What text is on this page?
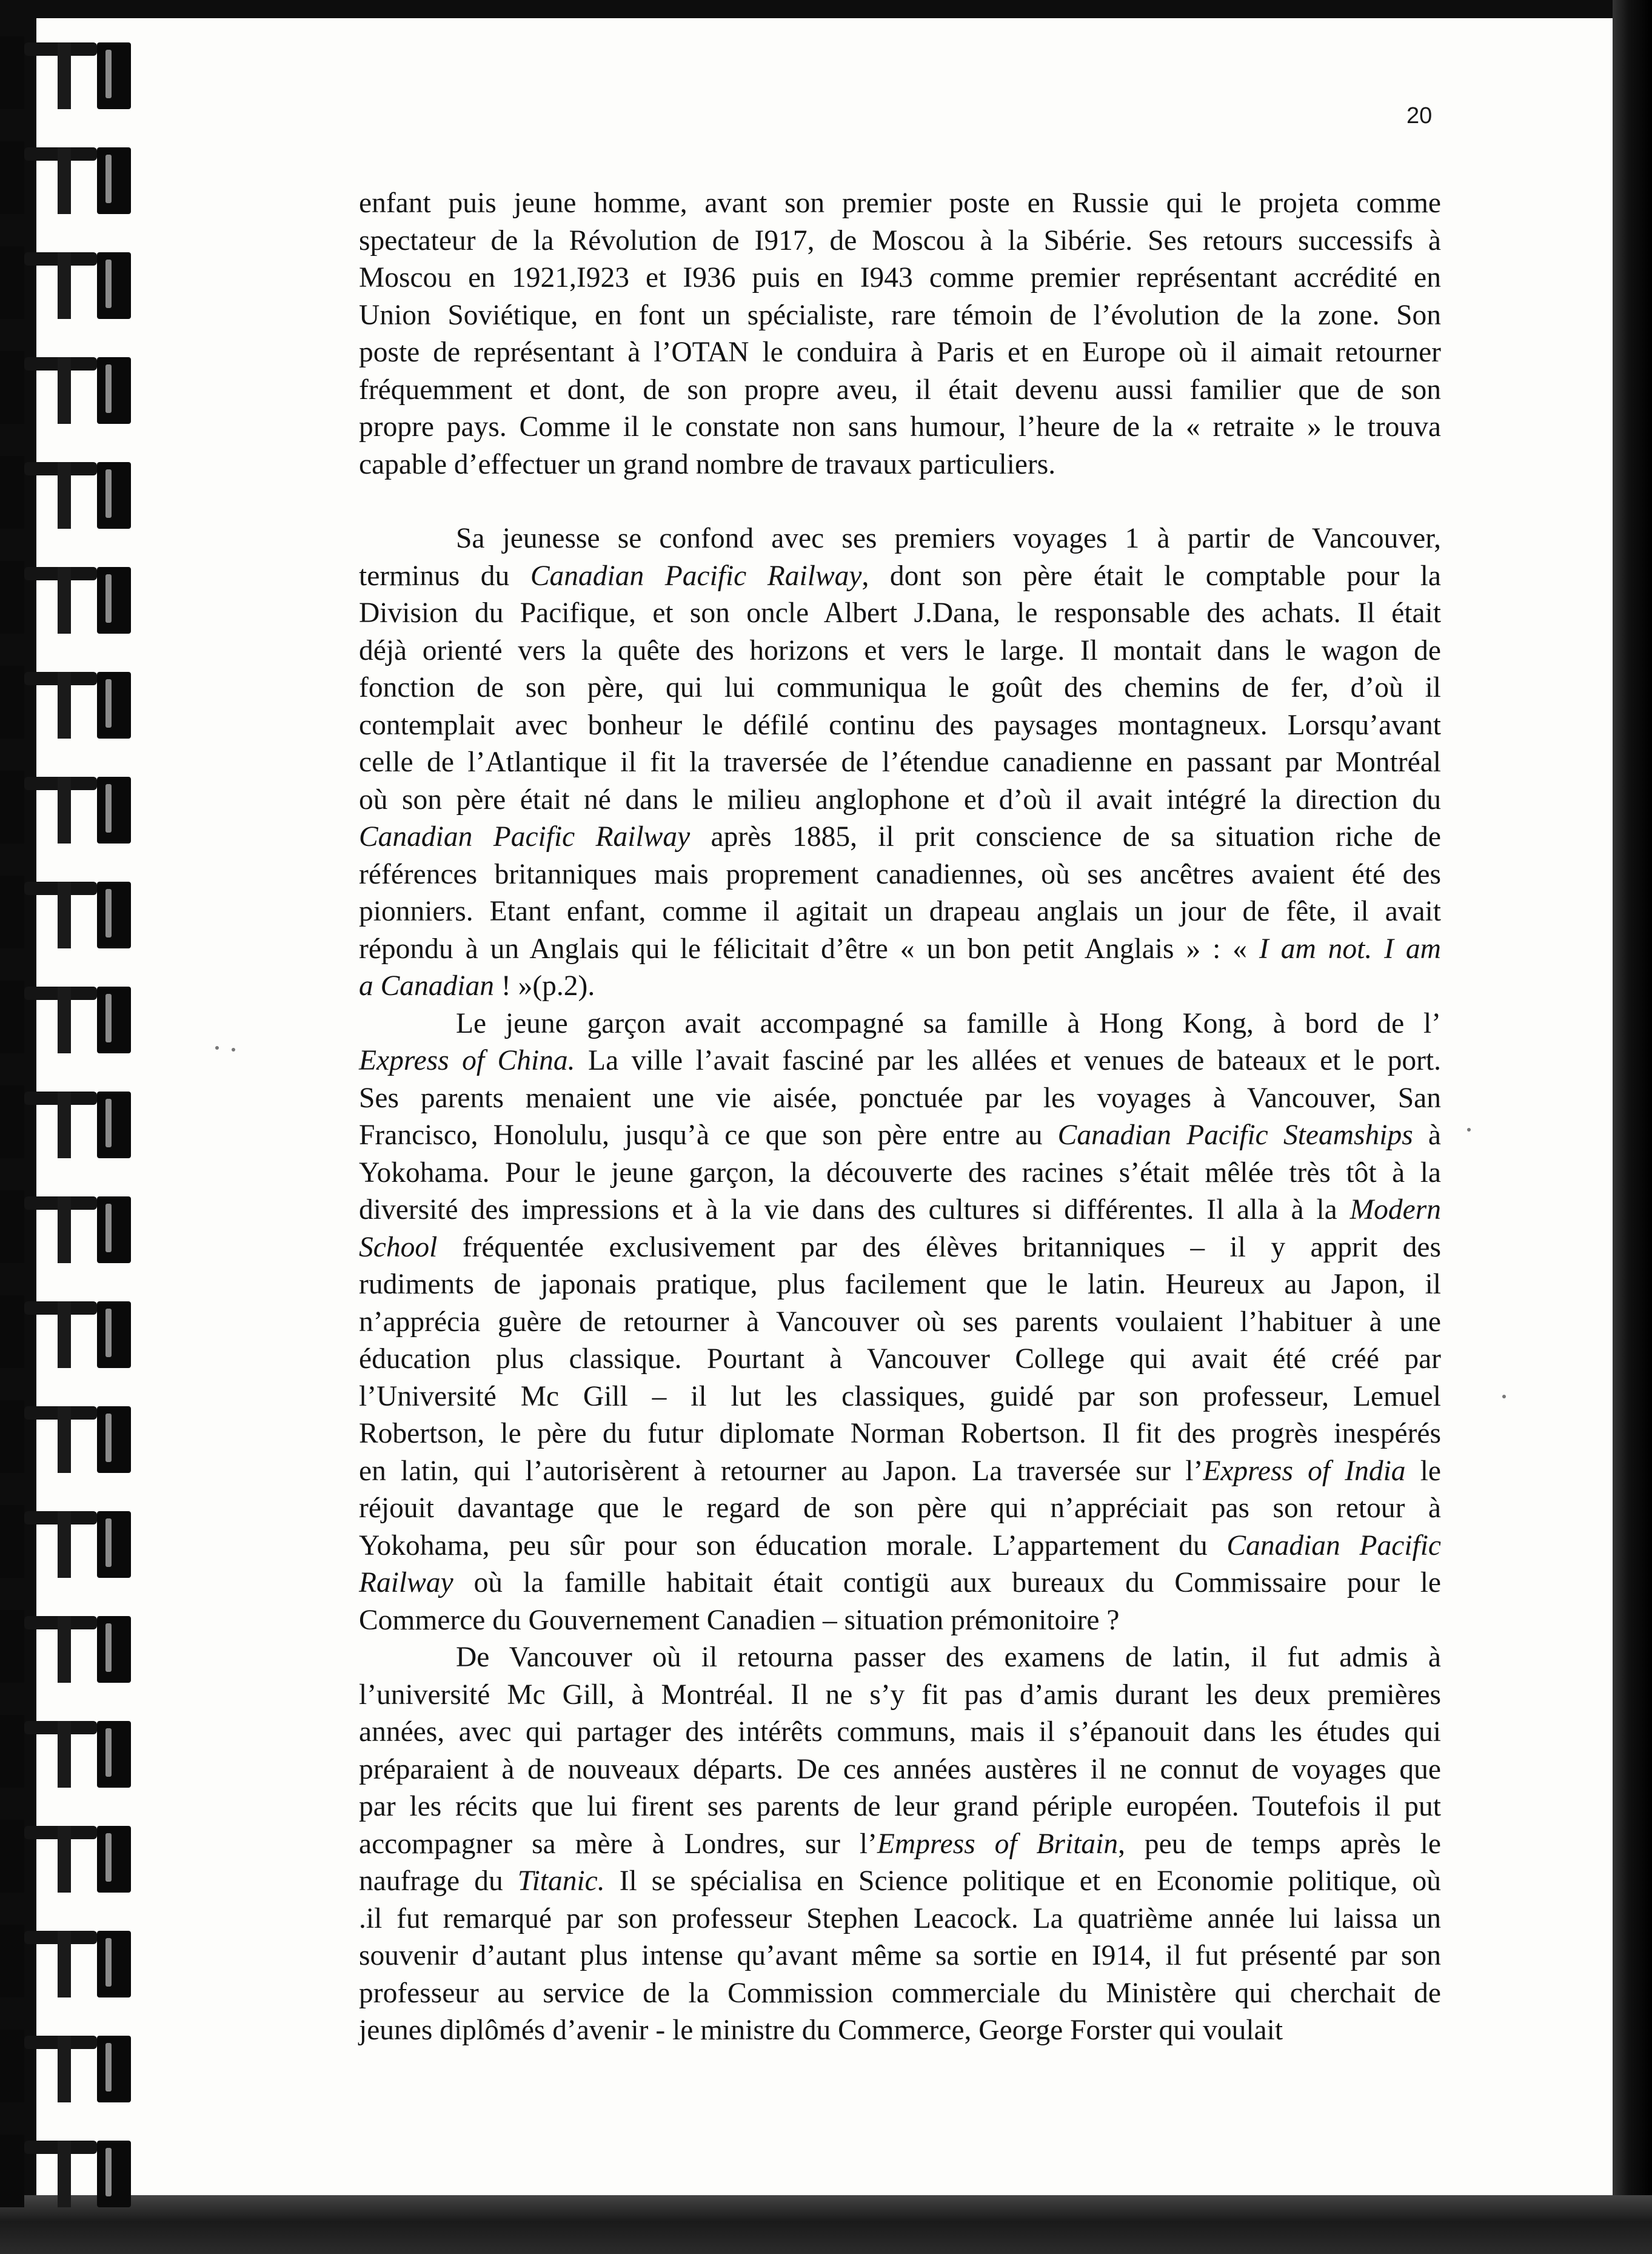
20
enfant puis jeune homme, avant son premier poste en Russie qui le projeta comme
spectateur de la Révolution de I917, de Moscou à la Sibérie. Ses retours successifs à
Moscou en 1921,I923 et I936 puis en I943 comme premier représentant accrédité en
Union Soviétique, en font un spécialiste, rare témoin de l’évolution de la zone. Son
poste de représentant à l’OTAN le conduira à Paris et en Europe où il aimait retourner
fréquemment et dont, de son propre aveu, il était devenu aussi familier que de son
propre pays. Comme il le constate non sans humour, l’heure de la « retraite » le trouva
capable d’effectuer un grand nombre de travaux particuliers.
Sa jeunesse se confond avec ses premiers voyages 1 à partir de Vancouver,
terminus du Canadian Pacific Railway, dont son père était le comptable pour la
Division du Pacifique, et son oncle Albert J.Dana, le responsable des achats. Il était
déjà orienté vers la quête des horizons et vers le large. Il montait dans le wagon de
fonction de son père, qui lui communiqua le goût des chemins de fer, d’où il
contemplait avec bonheur le défilé continu des paysages montagneux. Lorsqu’avant
celle de l’Atlantique il fit la traversée de l’étendue canadienne en passant par Montréal
où son père était né dans le milieu anglophone et d’où il avait intégré la direction du
Canadian Pacific Railway après 1885, il prit conscience de sa situation riche de
références britanniques mais proprement canadiennes, où ses ancêtres avaient été des
pionniers. Etant enfant, comme il agitait un drapeau anglais un jour de fête, il avait
répondu à un Anglais qui le félicitait d’être « un bon petit Anglais » : « I am not. I am
a Canadian ! »(p.2).
Le jeune garçon avait accompagné sa famille à Hong Kong, à bord de l’
Express of China. La ville l’avait fasciné par les allées et venues de bateaux et le port.
Ses parents menaient une vie aisée, ponctuée par les voyages à Vancouver, San
Francisco, Honolulu, jusqu’à ce que son père entre au Canadian Pacific Steamships à
Yokohama. Pour le jeune garçon, la découverte des racines s’était mêlée très tôt à la
diversité des impressions et à la vie dans des cultures si différentes. Il alla à la Modern
School fréquentée exclusivement par des élèves britanniques – il y apprit des
rudiments de japonais pratique, plus facilement que le latin. Heureux au Japon, il
n’apprécia guère de retourner à Vancouver où ses parents voulaient l’habituer à une
éducation plus classique. Pourtant à Vancouver College qui avait été créé par
l’Université Mc Gill – il lut les classiques, guidé par son professeur, Lemuel
Robertson, le père du futur diplomate Norman Robertson. Il fit des progrès inespérés
en latin, qui l’autorisèrent à retourner au Japon. La traversée sur l’Express of India le
réjouit davantage que le regard de son père qui n’appréciait pas son retour à
Yokohama, peu sûr pour son éducation morale. L’appartement du Canadian Pacific
Railway où la famille habitait était contigü aux bureaux du Commissaire pour le
Commerce du Gouvernement Canadien – situation prémonitoire ?
De Vancouver où il retourna passer des examens de latin, il fut admis à
l’université Mc Gill, à Montréal. Il ne s’y fit pas d’amis durant les deux premières
années, avec qui partager des intérêts communs, mais il s’épanouit dans les études qui
préparaient à de nouveaux départs. De ces années austères il ne connut de voyages que
par les récits que lui firent ses parents de leur grand périple européen. Toutefois il put
accompagner sa mère à Londres, sur l’Empress of Britain, peu de temps après le
naufrage du Titanic. Il se spécialisa en Science politique et en Economie politique, où
.il fut remarqué par son professeur Stephen Leacock. La quatrième année lui laissa un
souvenir d’autant plus intense qu’avant même sa sortie en I914, il fut présenté par son
professeur au service de la Commission commerciale du Ministère qui cherchait de
jeunes diplômés d’avenir - le ministre du Commerce, George Forster qui voulait
